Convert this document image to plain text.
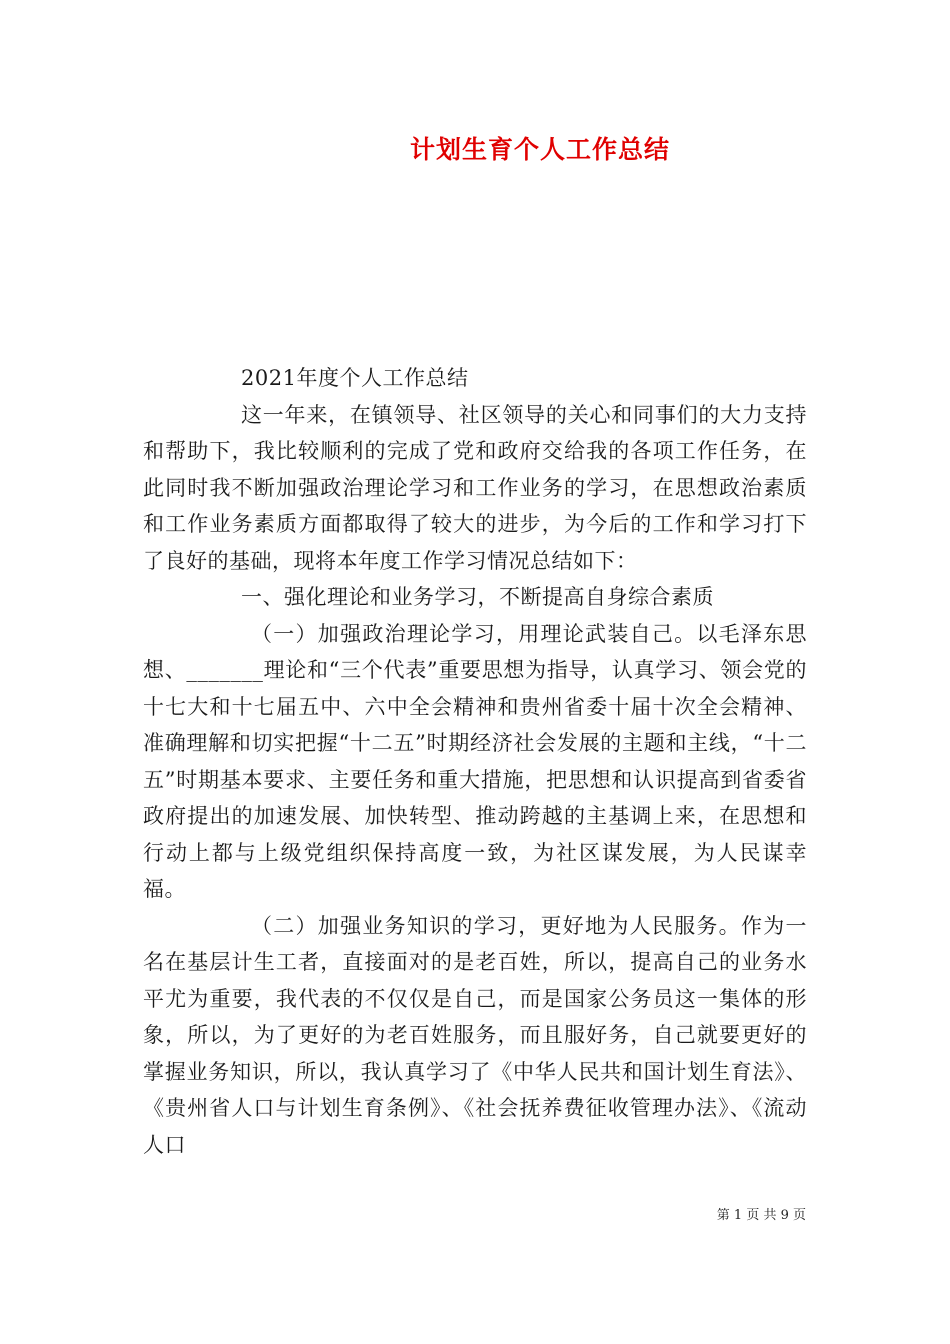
计划生育个人工作总结

2021年度个人工作总结

这一年来，在镇领导、社区领导的关心和同事们的大力支持和帮助下，我比较顺利的完成了党和政府交给我的各项工作任务，在此同时我不断加强政治理论学习和工作业务的学习，在思想政治素质和工作业务素质方面都取得了较大的进步，为今后的工作和学习打下了良好的基础，现将本年度工作学习情况总结如下：

一、强化理论和业务学习，不断提高自身综合素质

（一）加强政治理论学习，用理论武装自己。以毛泽东思想、_______理论和“三个代表”重要思想为指导，认真学习、领会党的十七大和十七届五中、六中全会精神和贵州省委十届十次全会精神、准确理解和切实把握“十二五”时期经济社会发展的主题和主线，“十二五”时期基本要求、主要任务和重大措施，把思想和认识提高到省委省政府提出的加速发展、加快转型、推动跨越的主基调上来，在思想和行动上都与上级党组织保持高度一致，为社区谋发展，为人民谋幸福。

（二）加强业务知识的学习，更好地为人民服务。作为一名在基层计生工者，直接面对的是老百姓，所以，提高自己的业务水平尤为重要，我代表的不仅仅是自己，而是国家公务员这一集体的形象，所以，为了更好的为老百姓服务，而且服好务，自己就要更好的掌握业务知识，所以，我认真学习了《中华人民共和国计划生育法》、《贵州省人口与计划生育条例》、《社会抚养费征收管理办法》、《流动人口

第 1 页 共 9 页
